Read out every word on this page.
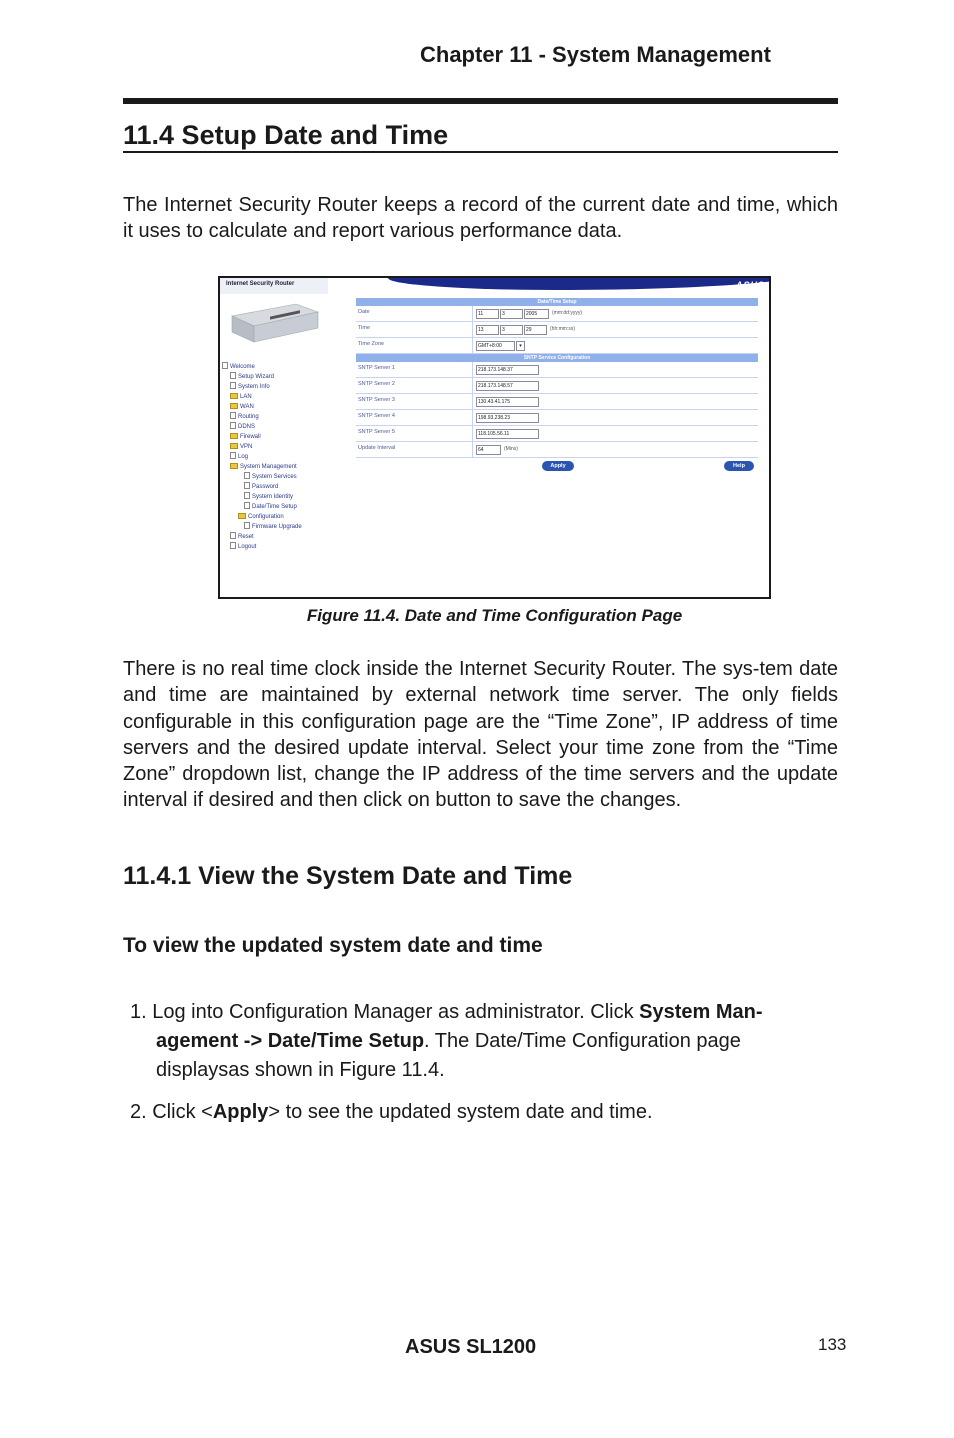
Chapter 11 - System Management
11.4 Setup Date and Time
The Internet Security Router keeps a record of the current date and time, which it uses to calculate and report various performance data.
Internet Security Router	ASUS
Welcome
Setup Wizard
System Info
LAN
WAN
Routing
DDNS
Firewall
VPN
Log
System Management
System Services
Password
System Identity
Date/Time Setup
Configuration
Firmware Upgrade
Reset
Logout
Date/Time Setup
Date	11	3	2005	(mm:dd:yyyy)
Time	13	3	29	(hh:mm:ss)
Time Zone	GMT+8:00	▾
SNTP Service Configuration
SNTP Server 1	218.173.148.37
SNTP Server 2	218.173.148.57
SNTP Server 3	130.43.41.175
SNTP Server 4	198.93.238.23
SNTP Server 5	118.105.56.11
Update Interval	64	(Mins)
Apply	Help
Figure 11.4. Date and Time Configuration Page
There is no real time clock inside the Internet Security Router. The sys-tem date and time are maintained by external network time server. The only fields configurable in this configuration page are the “Time Zone”, IP address of time servers and the desired update interval. Select your time zone from the “Time Zone” dropdown list, change the IP address of the time servers and the update interval if desired and then click on button to save the changes.
11.4.1 View the System Date and Time
To view the updated system date and time
1. Log into Configuration Manager as administrator. Click System Man-
agement -> Date/Time Setup. The Date/Time Configuration page
displaysas shown in Figure 11.4.
2. Click <Apply> to see the updated system date and time.
ASUS SL1200	133
